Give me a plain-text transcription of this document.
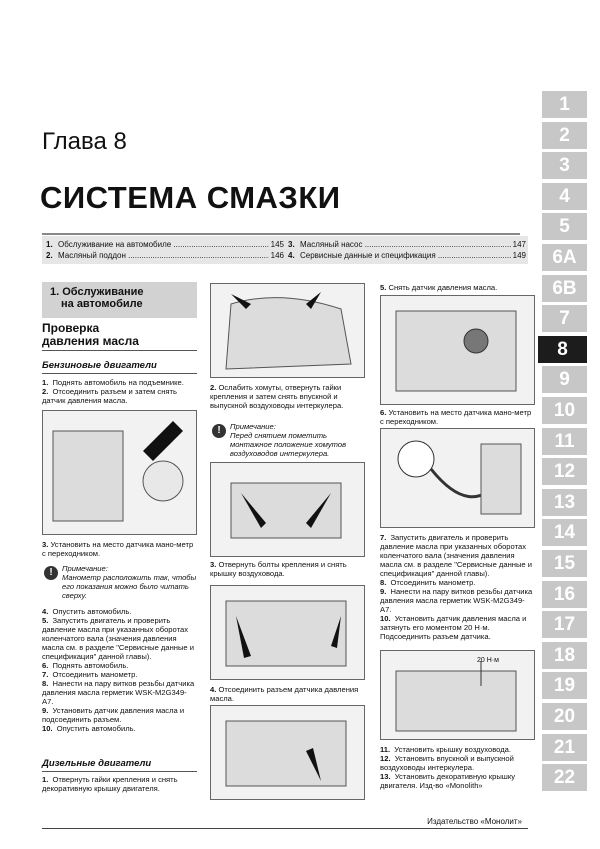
Глава 8
СИСТЕМА СМАЗКИ
1. Обслуживание на автомобиле .....	145
2. Масляный поддон .....	146
3. Масляный насос .....	147
4. Сервисные данные и спецификация .....	149
1
2
3
4
5
6A
6B
7
8
9
10
11
12
13
14
15
16
17
18
19
20
21
22
1. Обслуживание
на автомобиле
Проверка
давления масла
Бензиновые двигатели
1. Поднять автомобиль на подъемнике.
2. Отсоединить разъем и затем снять датчик давления масла.
3. Установить на место датчика мано-метр с переходником.
!	Примечание:
Манометр расположить так, чтобы его показания можно было читать сверху.
4. Опустить автомобиль.
5. Запустить двигатель и проверить давление масла при указанных оборотах коленчатого вала (значения давления масла см. в разделе "Сервисные данные и спецификация" данной главы).
6. Поднять автомобиль.
7. Отсоединить манометр.
8. Нанести на пару витков резьбы датчика давления масла герметик WSK-M2G349-A7.
9. Установить датчик давления масла и подсоединить разъем.
10. Опустить автомобиль.
Дизельные двигатели
1. Отвернуть гайки крепления и снять декоративную крышку двигателя.
2. Ослабить хомуты, отвернуть гайки крепления и затем снять впускной и выпускной воздуховоды интеркулера.
!	Примечание:
Перед снятием пометить монтажное положение хомутов воздуховодов интеркулера.
3. Отвернуть болты крепления и снять крышку воздуховода.
4. Отсоединить разъем датчика давления масла.
5. Снять датчик давления масла.
6. Установить на место датчика мано-метр с переходником.
7. Запустить двигатель и проверить давление масла при указанных оборотах коленчатого вала (значения давления масла см. в разделе "Сервисные данные и спецификация" данной главы).
8. Отсоединить манометр.
9. Нанести на пару витков резьбы датчика давления масла герметик WSK-M2G349-A7.
10. Установить датчик давления масла и затянуть его моментом 20 Н·м. Подсоединить разъем датчика.
20 Н·м
11. Установить крышку воздуховода.
12. Установить впускной и выпускной воздуховоды интеркулера.
13. Установить декоративную крышку двигателя. Изд-во «Monolith»
Издательство «Монолит»
